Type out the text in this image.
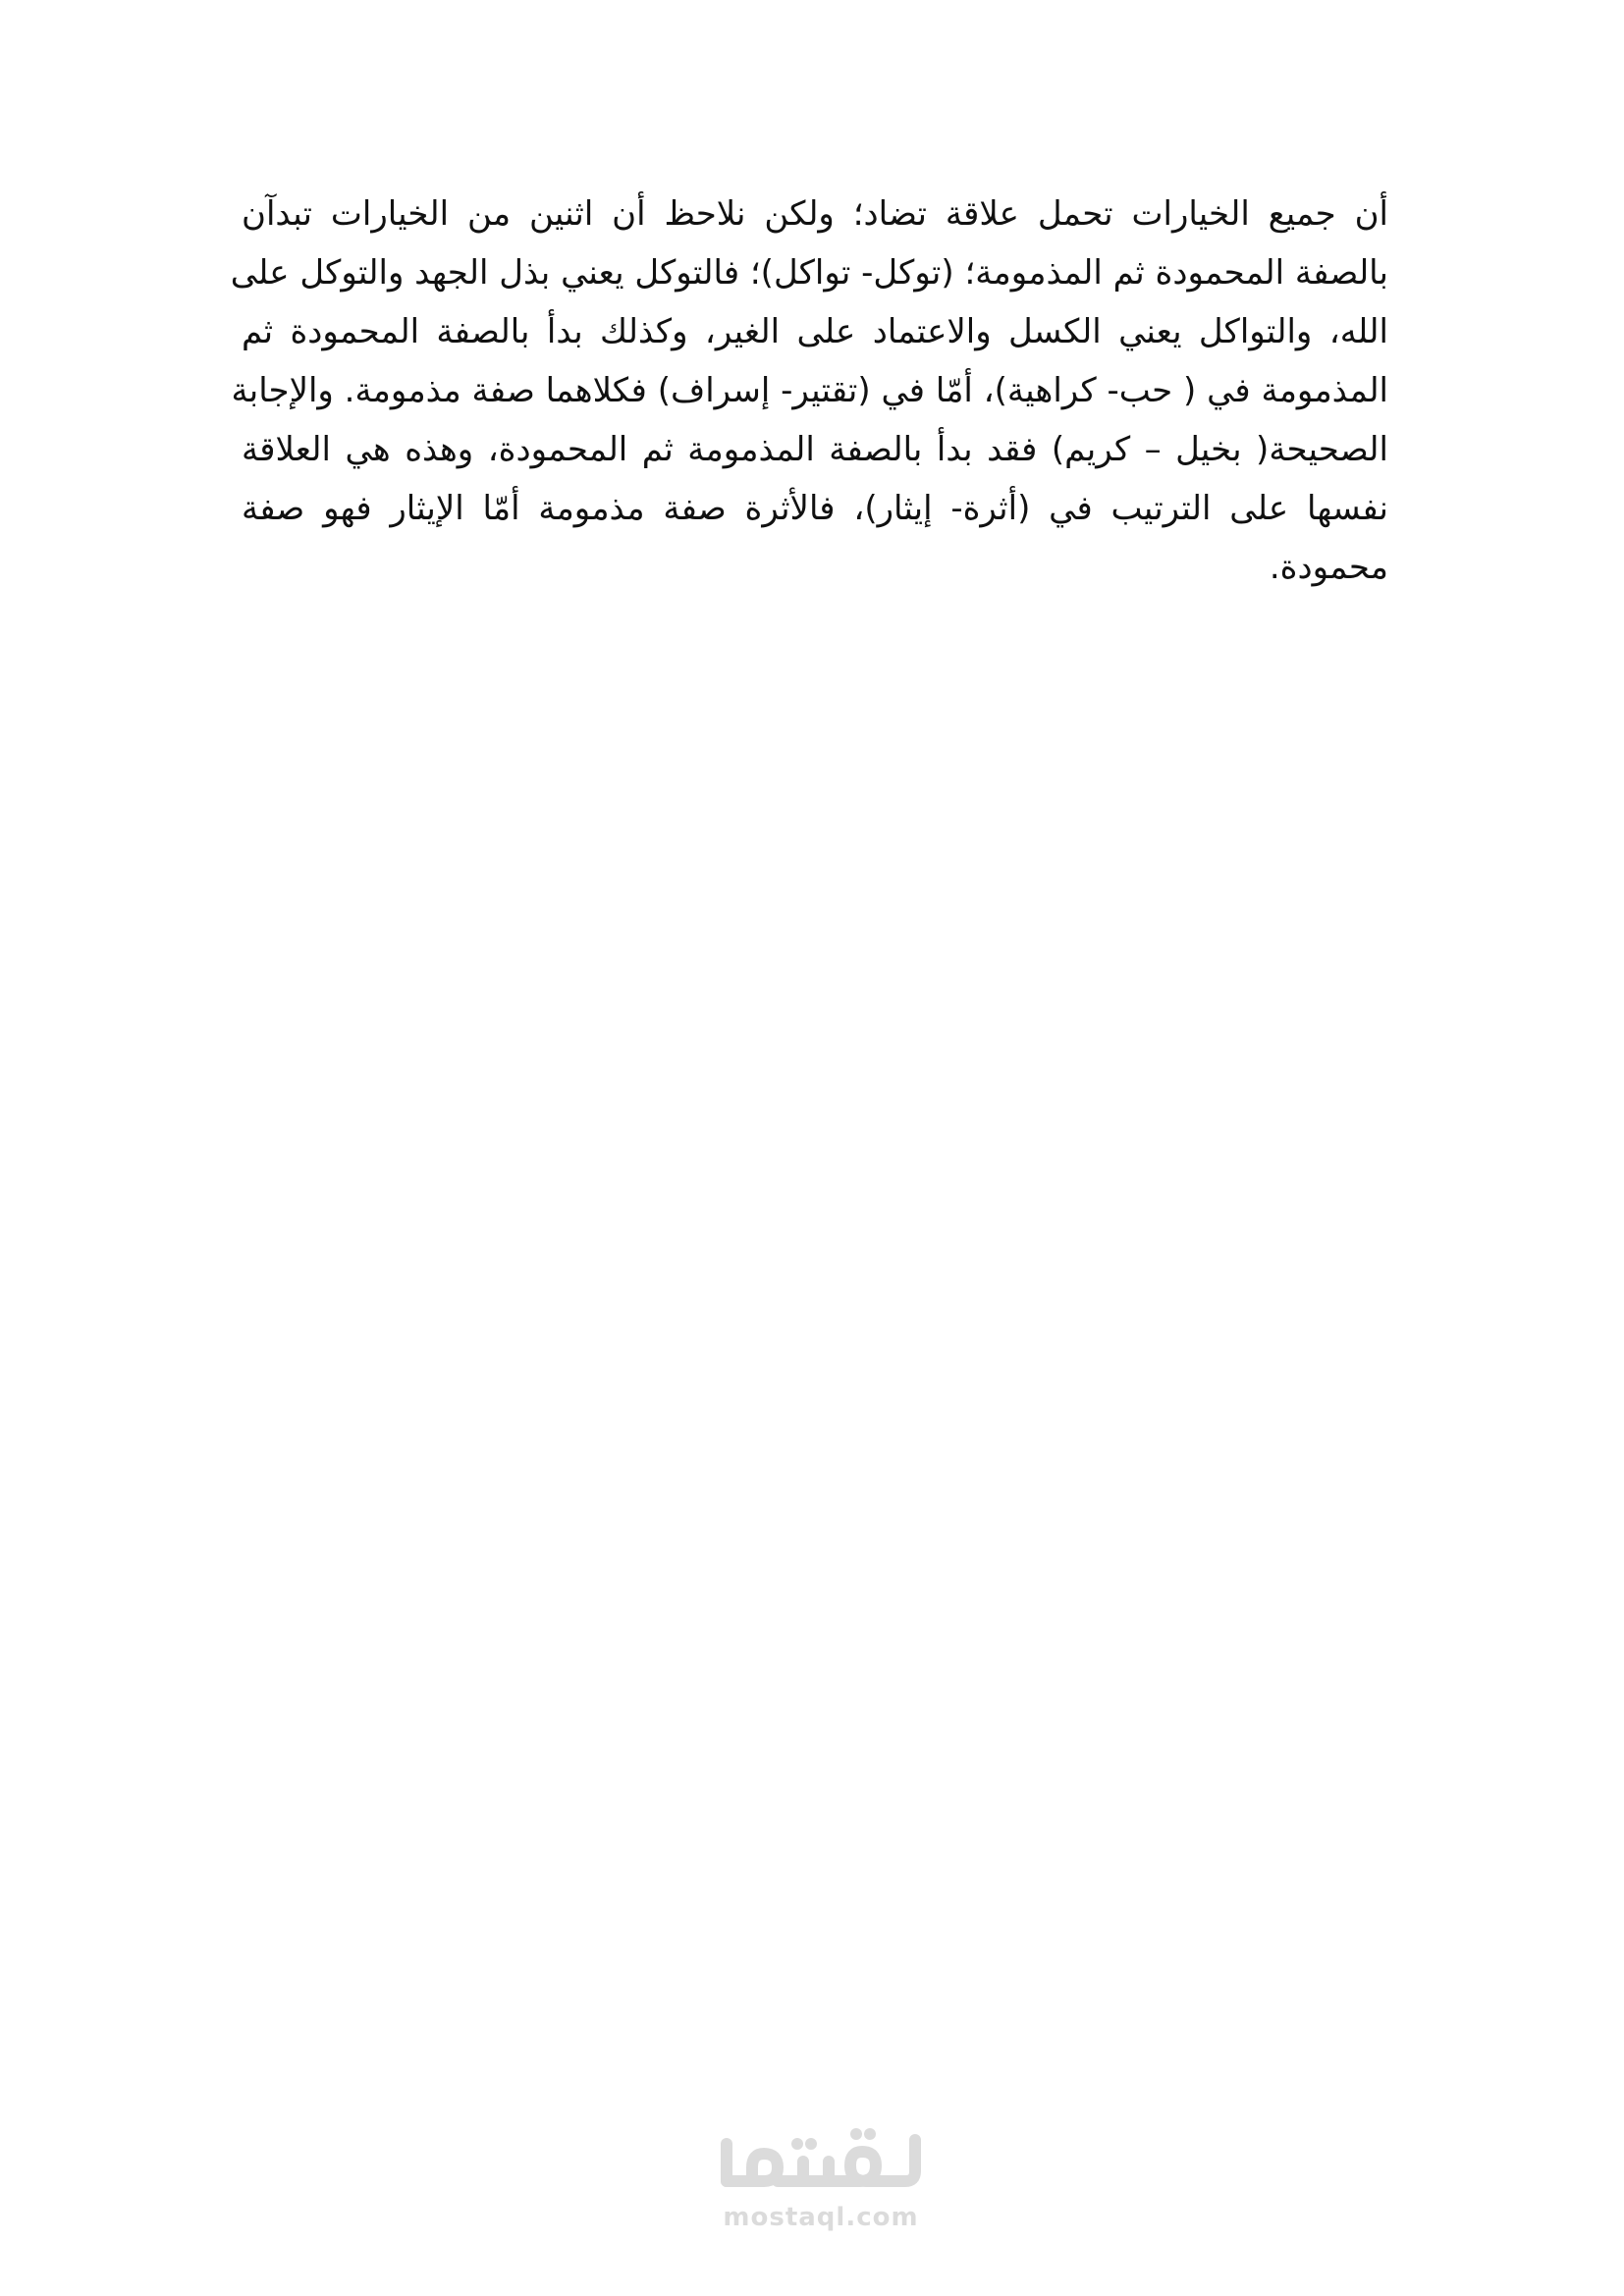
أن جميع الخيارات تحمل علاقة تضاد؛ ولكن نلاحظ أن اثنين من الخيارات تبدآن
بالصفة المحمودة ثم المذمومة؛ (توكل- تواكل)؛ فالتوكل يعني بذل الجهد والتوكل على
الله، والتواكل يعني الكسل والاعتماد على الغير، وكذلك بدأ بالصفة المحمودة ثم
المذمومة في ( حب- كراهية)، أمّا في (تقتير- إسراف) فكلاهما صفة مذمومة. والإجابة
الصحيحة( بخيل – كريم) فقد بدأ بالصفة المذمومة ثم المحمودة، وهذه هي العلاقة
نفسها على الترتيب في (أثرة- إيثار)، فالأثرة صفة مذمومة أمّا الإيثار فهو صفة
محمودة.
mostaql.com
